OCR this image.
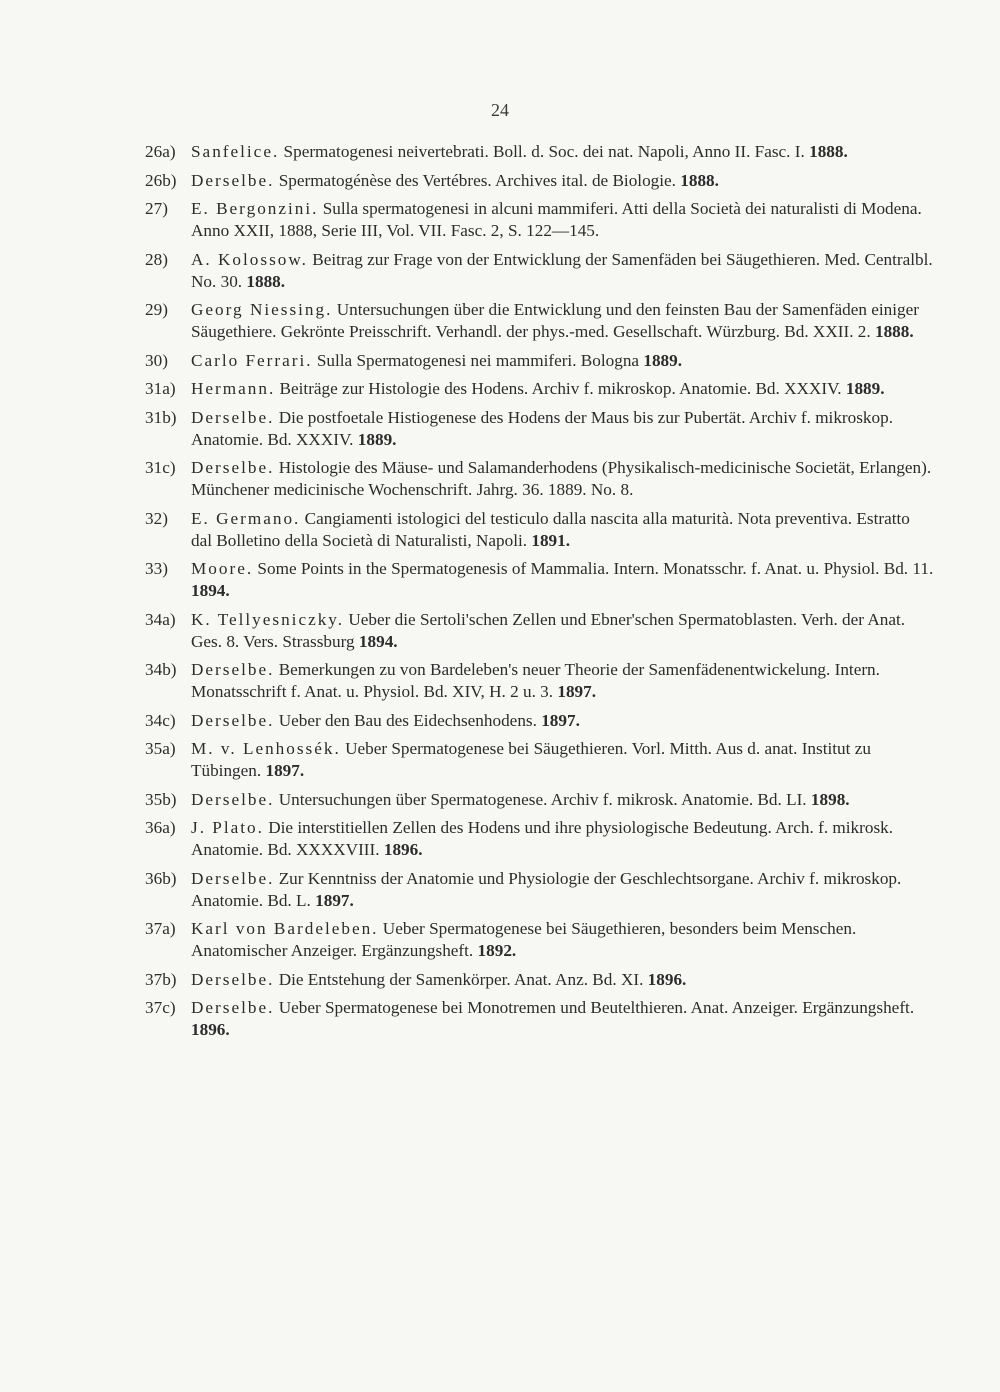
24
26a) Sanfelice. Spermatogenesi neivertebrati. Boll. d. Soc. dei nat. Napoli, Anno II. Fasc. I. 1888.
26b) Derselbe. Spermatogénèse des Vertébres. Archives ital. de Biologie. 1888.
27) E. Bergonzini. Sulla spermatogenesi in alcuni mammiferi. Atti della Società dei naturalisti di Modena. Anno XXII, 1888, Serie III, Vol. VII. Fasc. 2, S. 122—145.
28) A. Kolossow. Beitrag zur Frage von der Entwicklung der Samenfäden bei Säugethieren. Med. Centralbl. No. 30. 1888.
29) Georg Niessing. Untersuchungen über die Entwicklung und den feinsten Bau der Samenfäden einiger Säugethiere. Gekrönte Preisschrift. Verhandl. der phys.-med. Gesellschaft. Würzburg. Bd. XXII. 2. 1888.
30) Carlo Ferrari. Sulla Spermatogenesi nei mammiferi. Bologna 1889.
31a) Hermann. Beiträge zur Histologie des Hodens. Archiv f. mikroskop. Anatomie. Bd. XXXIV. 1889.
31b) Derselbe. Die postfoetale Histiogenese des Hodens der Maus bis zur Pubertät. Archiv f. mikroskop. Anatomie. Bd. XXXIV. 1889.
31c) Derselbe. Histologie des Mäuse- und Salamanderhodens (Physikalisch-medicinische Societät, Erlangen). Münchener medicinische Wochenschrift. Jahrg. 36. 1889. No. 8.
32) E. Germano. Cangiamenti istologici del testiculo dalla nascita alla maturità. Nota preventiva. Estratto dal Bolletino della Società di Naturalisti, Napoli. 1891.
33) Moore. Some Points in the Spermatogenesis of Mammalia. Intern. Monatsschr. f. Anat. u. Physiol. Bd. 11. 1894.
34a) K. Tellyesniczky. Ueber die Sertoli'schen Zellen und Ebner'schen Spermatoblasten. Verh. der Anat. Ges. 8. Vers. Strassburg 1894.
34b) Derselbe. Bemerkungen zu von Bardeleben's neuer Theorie der Samenfädenentwickelung. Intern. Monatsschrift f. Anat. u. Physiol. Bd. XIV, H. 2 u. 3. 1897.
34c) Derselbe. Ueber den Bau des Eidechsenhodens. 1897.
35a) M. v. Lenhossék. Ueber Spermatogenese bei Säugethieren. Vorl. Mitth. Aus d. anat. Institut zu Tübingen. 1897.
35b) Derselbe. Untersuchungen über Spermatogenese. Archiv f. mikrosk. Anatomie. Bd. LI. 1898.
36a) J. Plato. Die interstitiellen Zellen des Hodens und ihre physiologische Bedeutung. Arch. f. mikrosk. Anatomie. Bd. XXXXVIII. 1896.
36b) Derselbe. Zur Kenntniss der Anatomie und Physiologie der Geschlechtsorgane. Archiv f. mikroskop. Anatomie. Bd. L. 1897.
37a) Karl von Bardeleben. Ueber Spermatogenese bei Säugethieren, besonders beim Menschen. Anatomischer Anzeiger. Ergänzungsheft. 1892.
37b) Derselbe. Die Entstehung der Samenkörper. Anat. Anz. Bd. XI. 1896.
37c) Derselbe. Ueber Spermatogenese bei Monotremen und Beutelthieren. Anat. Anzeiger. Ergänzungsheft. 1896.
